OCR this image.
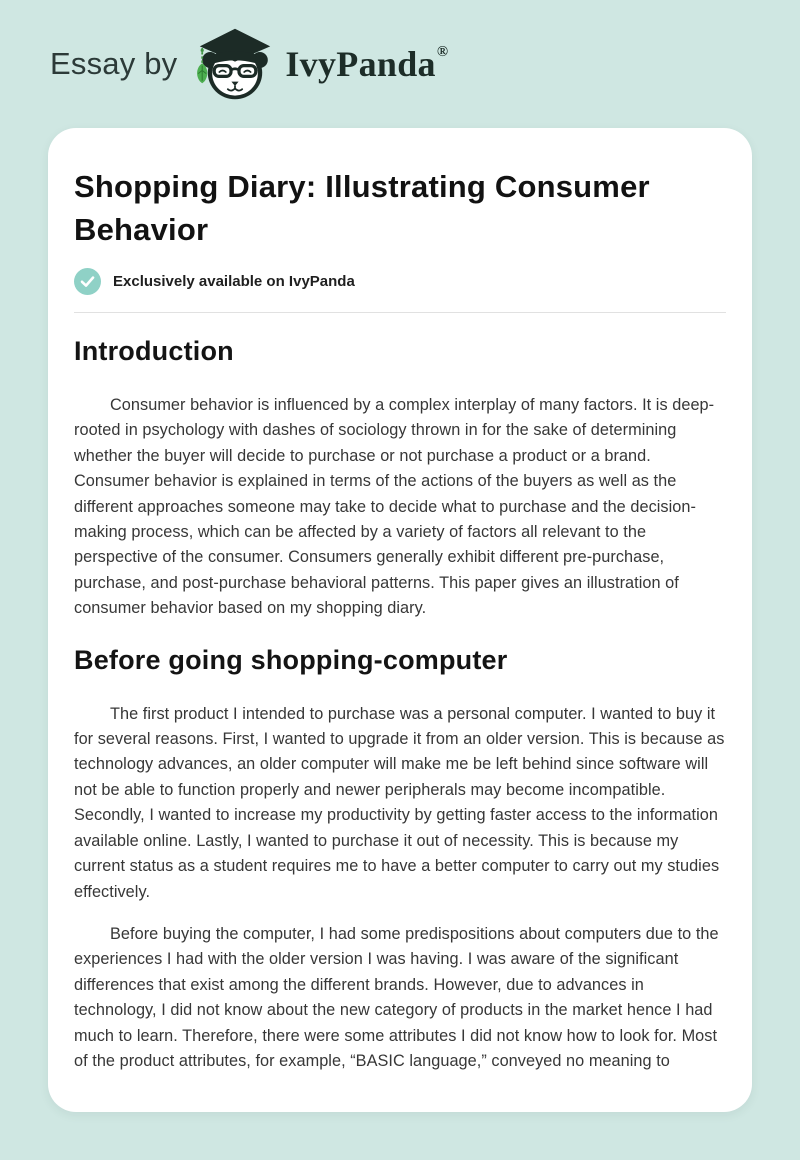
Essay by	IvyPanda®
Shopping Diary: Illustrating Consumer Behavior
Exclusively available on IvyPanda
Introduction

Consumer behavior is influenced by a complex interplay of many factors. It is deep-rooted in psychology with dashes of sociology thrown in for the sake of determining whether the buyer will decide to purchase or not purchase a product or a brand. Consumer behavior is explained in terms of the actions of the buyers as well as the different approaches someone may take to decide what to purchase and the decision-making process, which can be affected by a variety of factors all relevant to the perspective of the consumer. Consumers generally exhibit different pre-purchase, purchase, and post-purchase behavioral patterns. This paper gives an illustration of consumer behavior based on my shopping diary.

Before going shopping-computer

The first product I intended to purchase was a personal computer. I wanted to buy it for several reasons. First, I wanted to upgrade it from an older version. This is because as technology advances, an older computer will make me be left behind since software will not be able to function properly and newer peripherals may become incompatible. Secondly, I wanted to increase my productivity by getting faster access to the information available online. Lastly, I wanted to purchase it out of necessity. This is because my current status as a student requires me to have a better computer to carry out my studies effectively.

Before buying the computer, I had some predispositions about computers due to the experiences I had with the older version I was having. I was aware of the significant differences that exist among the different brands. However, due to advances in technology, I did not know about the new category of products in the market hence I had much to learn. Therefore, there were some attributes I did not know how to look for. Most of the product attributes, for example, “BASIC language,” conveyed no meaning to
